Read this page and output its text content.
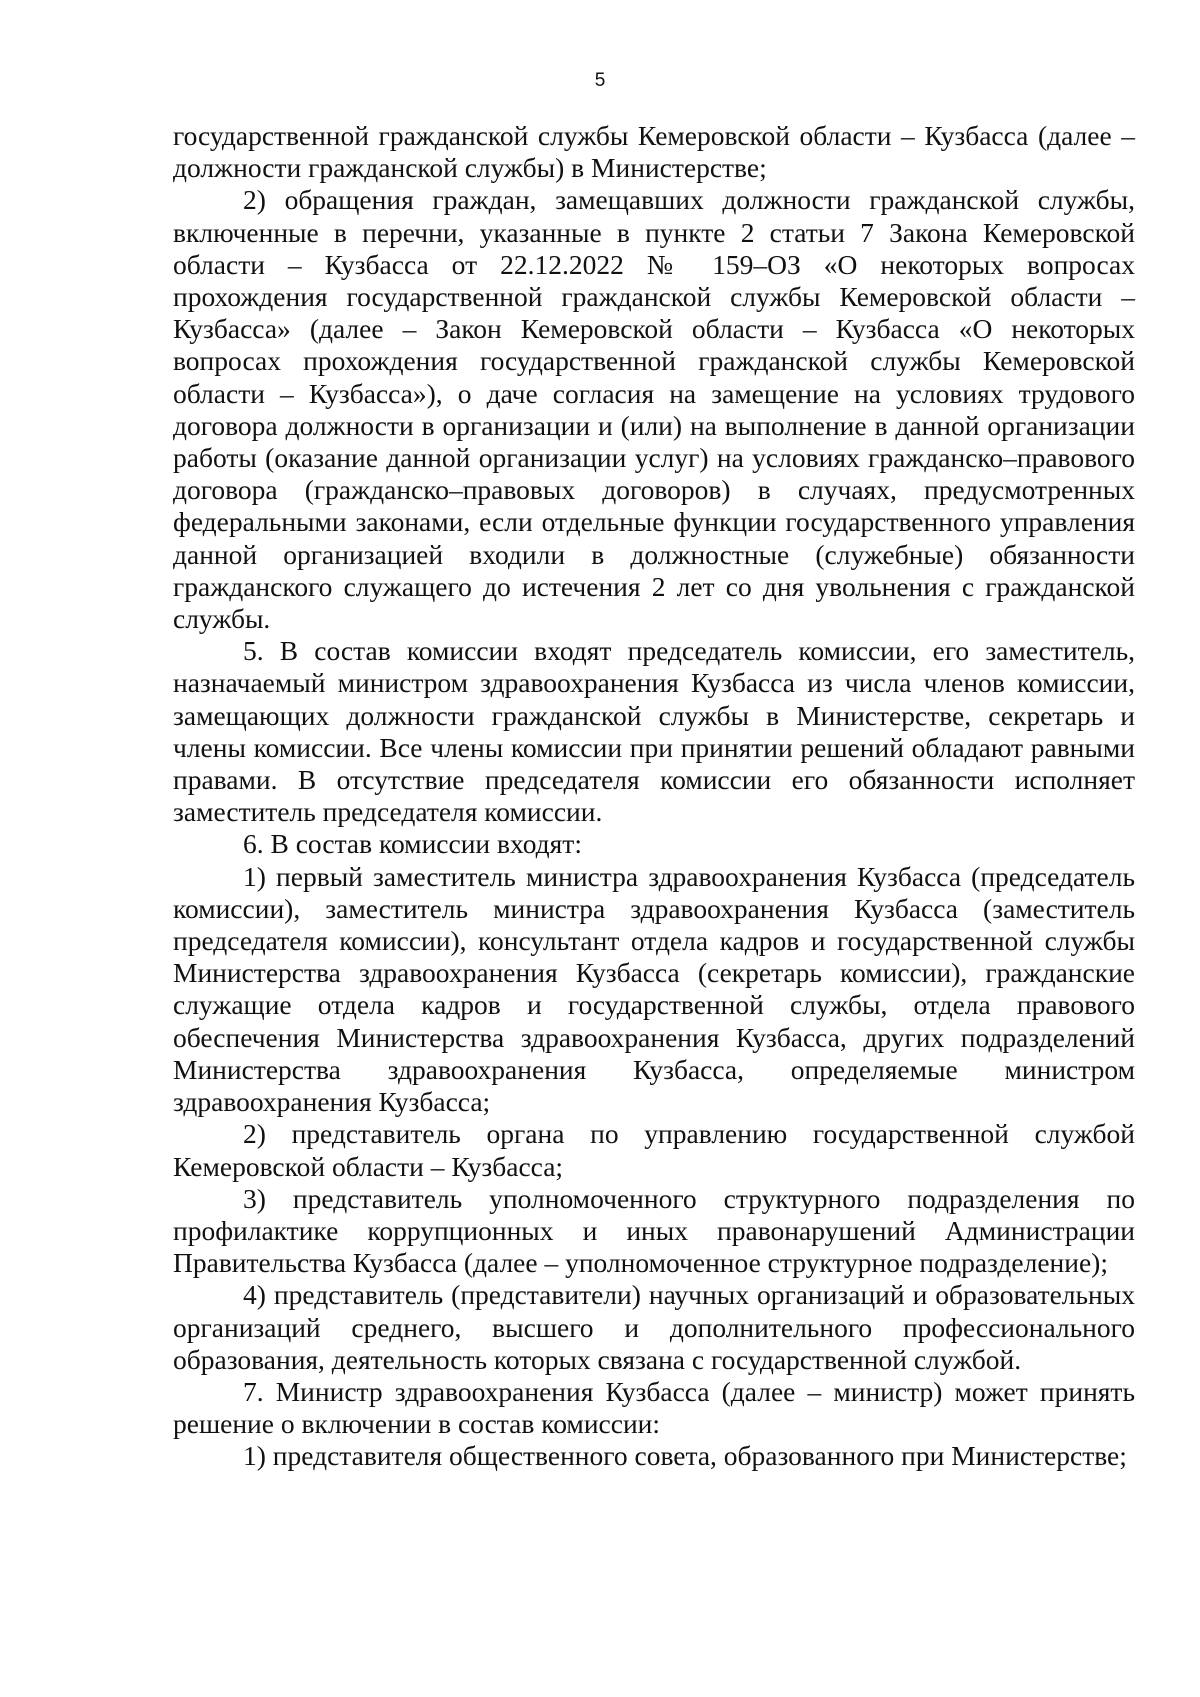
5

государственной гражданской службы Кемеровской области – Кузбасса (далее – должности гражданской службы) в Министерстве;

2) обращения граждан, замещавших должности гражданской службы, включенные в перечни, указанные в пункте 2 статьи 7 Закона Кемеровской области – Кузбасса от 22.12.2022 № 159–ОЗ «О некоторых вопросах прохождения государственной гражданской службы Кемеровской области – Кузбасса» (далее – Закон Кемеровской области – Кузбасса «О некоторых вопросах прохождения государственной гражданской службы Кемеровской области – Кузбасса»), о даче согласия на замещение на условиях трудового договора должности в организации и (или) на выполнение в данной организации работы (оказание данной организации услуг) на условиях гражданско–правового договора (гражданско–правовых договоров) в случаях, предусмотренных федеральными законами, если отдельные функции государственного управления данной организацией входили в должностные (служебные) обязанности гражданского служащего до истечения 2 лет со дня увольнения с гражданской службы.

5. В состав комиссии входят председатель комиссии, его заместитель, назначаемый министром здравоохранения Кузбасса из числа членов комиссии, замещающих должности гражданской службы в Министерстве, секретарь и члены комиссии. Все члены комиссии при принятии решений обладают равными правами. В отсутствие председателя комиссии его обязанности исполняет заместитель председателя комиссии.

6. В состав комиссии входят:

1) первый заместитель министра здравоохранения Кузбасса (председатель комиссии), заместитель министра здравоохранения Кузбасса (заместитель председателя комиссии), консультант отдела кадров и государственной службы Министерства здравоохранения Кузбасса (секретарь комиссии), гражданские служащие отдела кадров и государственной службы, отдела правового обеспечения Министерства здравоохранения Кузбасса, других подразделений Министерства здравоохранения Кузбасса, определяемые министром здравоохранения Кузбасса;

2) представитель органа по управлению государственной службой Кемеровской области – Кузбасса;

3) представитель уполномоченного структурного подразделения по профилактике коррупционных и иных правонарушений Администрации Правительства Кузбасса (далее – уполномоченное структурное подразделение);

4) представитель (представители) научных организаций и образовательных организаций среднего, высшего и дополнительного профессионального образования, деятельность которых связана с государственной службой.

7. Министр здравоохранения Кузбасса (далее – министр) может принять решение о включении в состав комиссии:

1) представителя общественного совета, образованного при Министерстве;
